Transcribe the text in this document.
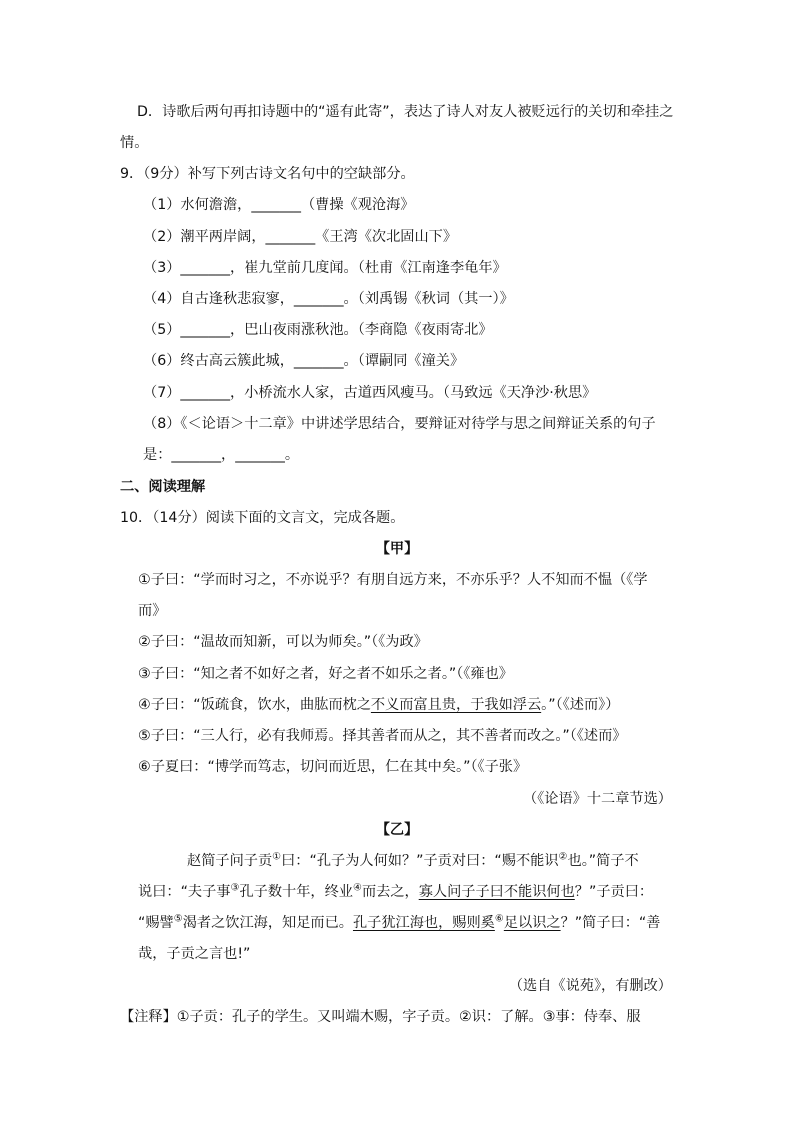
D．诗歌后两句再扣诗题中的“遥有此寄”，表达了诗人对友人被贬远行的关切和牵挂之
情。
9．（9分）补写下列古诗文名句中的空缺部分。
（1）水何澹澹，_______（曹操《观沧海》
（2）潮平两岸阔，_______《王湾《次北固山下》
（3）_______，崔九堂前几度闻。（杜甫《江南逢李龟年》
（4）自古逢秋悲寂寥，_______。（刘禹锡《秋词（其一）》
（5）_______，巴山夜雨涨秋池。（李商隐《夜雨寄北》
（6）终古高云簇此城，_______。（谭嗣同《潼关》
（7）_______，小桥流水人家，古道西风瘦马。（马致远《天净沙·秋思》
（8）《＜论语＞十二章》中讲述学思结合，要辩证对待学与思之间辩证关系的句子
是：_______，_______。
二、阅读理解
10．（14分）阅读下面的文言文，完成各题。
【甲】
①子曰：“学而时习之，不亦说乎？有朋自远方来，不亦乐乎？人不知而不愠（《学
而》
②子曰：“温故而知新，可以为师矣。”（《为政》
③子曰：“知之者不如好之者，好之者不如乐之者。”（《雍也》
④子曰：“饭疏食，饮水，曲肱而枕之不义而富且贵，于我如浮云。”（《述而》）
⑤子曰：“三人行，必有我师焉。择其善者而从之，其不善者而改之。”（《述而》
⑥子夏曰：“博学而笃志，切问而近思，仁在其中矣。”（《子张》
（《论语》十二章节选）
【乙】
赵简子问子贡①曰：“孔子为人何如？”子贡对曰：“赐不能识②也。”简子不
说曰：“夫子事③孔子数十年，终业④而去之，寡人问子子曰不能识何也？”子贡曰：
“赐譬⑤渴者之饮江海，知足而已。孔子犹江海也，赐则奚⑥足以识之？”简子曰：“善
哉，子贡之言也!”
（选自《说苑》，有删改）
【注释】①子贡：孔子的学生。又叫端木赐，字子贡。②识：了解。③事：侍奉、服
